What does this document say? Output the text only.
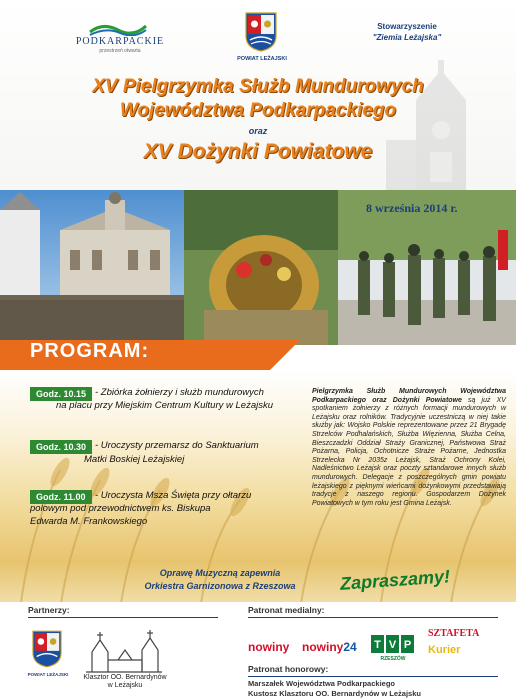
PODKARPACKIE
przestrzeń otwarta
POWIAT LEŻAJSKI
Stowarzyszenie
"Ziemia Leżajska"
XV Pielgrzymka Służb Mundurowych
Województwa Podkarpackiego
oraz
XV Dożynki Powiatowe
8 września 2014 r.
PROGRAM:
Godz. 10.15 - Zbiórka żołnierzy i służb mundurowych
na placu przy Miejskim Centrum Kultury w Leżajsku
Godz. 10.30 - Uroczysty przemarsz do Sanktuarium
Matki Boskiej Leżajskiej
Godz. 11.00 - Uroczysta Msza Święta przy ołtarzu
polowym pod przewodnictwem ks. Biskupa
Edwarda M. Frankowskiego
Pielgrzymka Służb Mundurowych Województwa Podkarpackiego oraz Dożynki Powiatowe są już XV spotkaniem żołnierzy z różnych formacji mundurowych w Leżajsku oraz rolników. Tradycyjnie uczestniczą w niej takie służby jak: Wojsko Polskie reprezentowane przez 21 Brygadę Strzelców Podhalańskich, Służba Więzienna, Służba Celna, Bieszczadzki Oddział Straży Granicznej, Państwowa Straż Pożarna, Policja, Ochotnicze Straże Pożarne, Jednostka Strzelecka Nr 2035z Leżajsk, Straż Ochrony Kolei, Nadleśnictwo Leżajsk oraz poczty sztandarowe innych służb mundurowych. Delegacje z poszczególnych gmin powiatu leżajskiego z pięknymi wieńcami dożynkowymi przedstawiają tradycje z naszego regionu. Gospodarzem Dożynek Powiatowych w tym roku jest Gmina Leżajsk.
Oprawę Muzyczną zapewnia
Orkiestra Garnizonowa z Rzeszowa	Zapraszamy!
Partnerzy:	Patronat medialny:
POWIAT LEŻAJSKI	Klasztor OO. Bernardynów
w Leżajsku
nowiny nowiny24 T V P
RZESZÓW
SZTAFETA
Kurier
Patronat honorowy:
Marszałek Województwa Podkarpackiego
Kustosz Klasztoru OO. Bernardynów w Leżajsku
